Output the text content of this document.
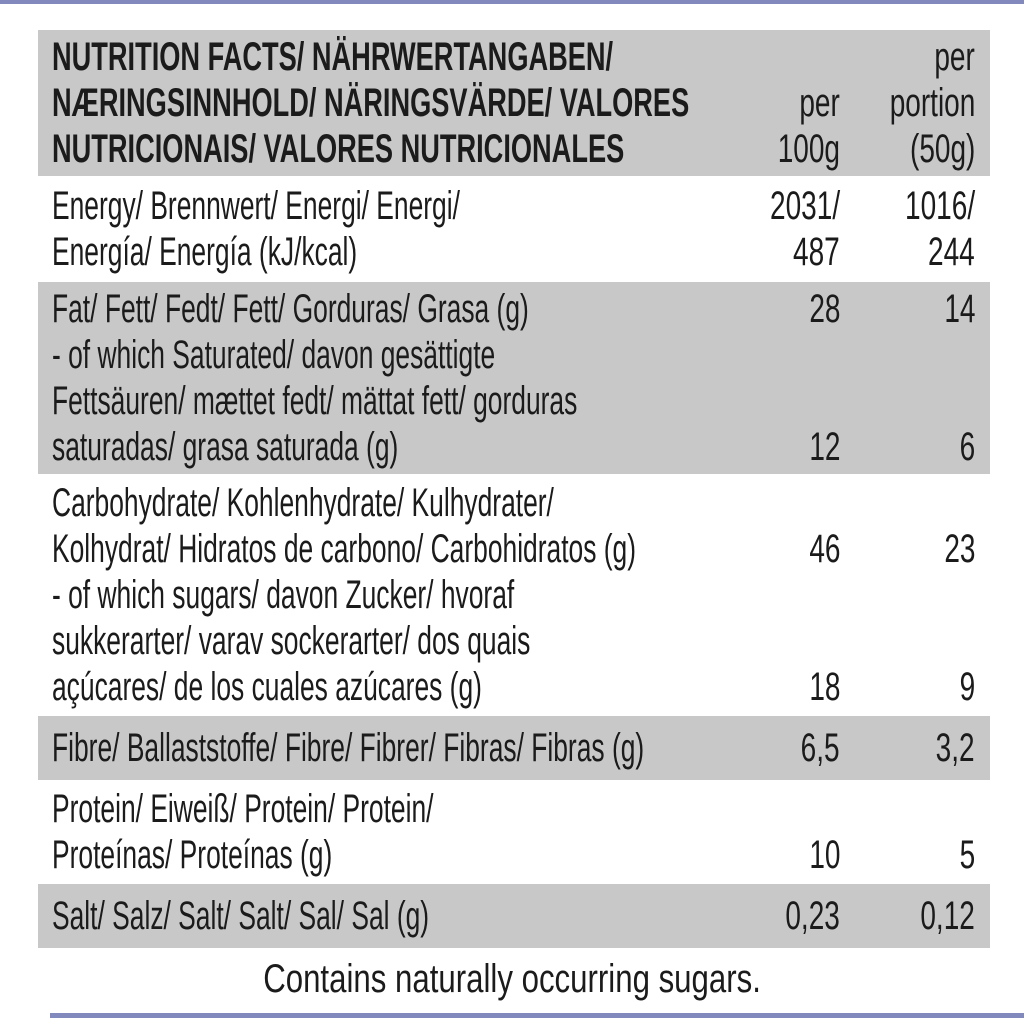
NUTRITION FACTS/ NÄHRWERTANGABEN/	per
NÆRINGSINNHOLD/ NÄRINGSVÄRDE/ VALORES	per	portion
NUTRICIONAIS/ VALORES NUTRICIONALES	100g	(50g)
Energy/ Brennwert/ Energi/ Energi/	2031/	1016/
Energía/ Energía (kJ/kcal)	487	244
Fat/ Fett/ Fedt/ Fett/ Gorduras/ Grasa (g)	28	14
- of which Saturated/ davon gesättigte
Fettsäuren/ mættet fedt/ mättat fett/ gorduras
saturadas/ grasa saturada (g)	12	6
Carbohydrate/ Kohlenhydrate/ Kulhydrater/
Kolhydrat/ Hidratos de carbono/ Carbohidratos (g)	46	23
- of which sugars/ davon Zucker/ hvoraf
sukkerarter/ varav sockerarter/ dos quais
açúcares/ de los cuales azúcares (g)	18	9
Fibre/ Ballaststoffe/ Fibre/ Fibrer/ Fibras/ Fibras (g)	6,5	3,2
Protein/ Eiweiß/ Protein/ Protein/
Proteínas/ Proteínas (g)	10	5
Salt/ Salz/ Salt/ Salt/ Sal/ Sal (g)	0,23	0,12
Contains naturally occurring sugars.
